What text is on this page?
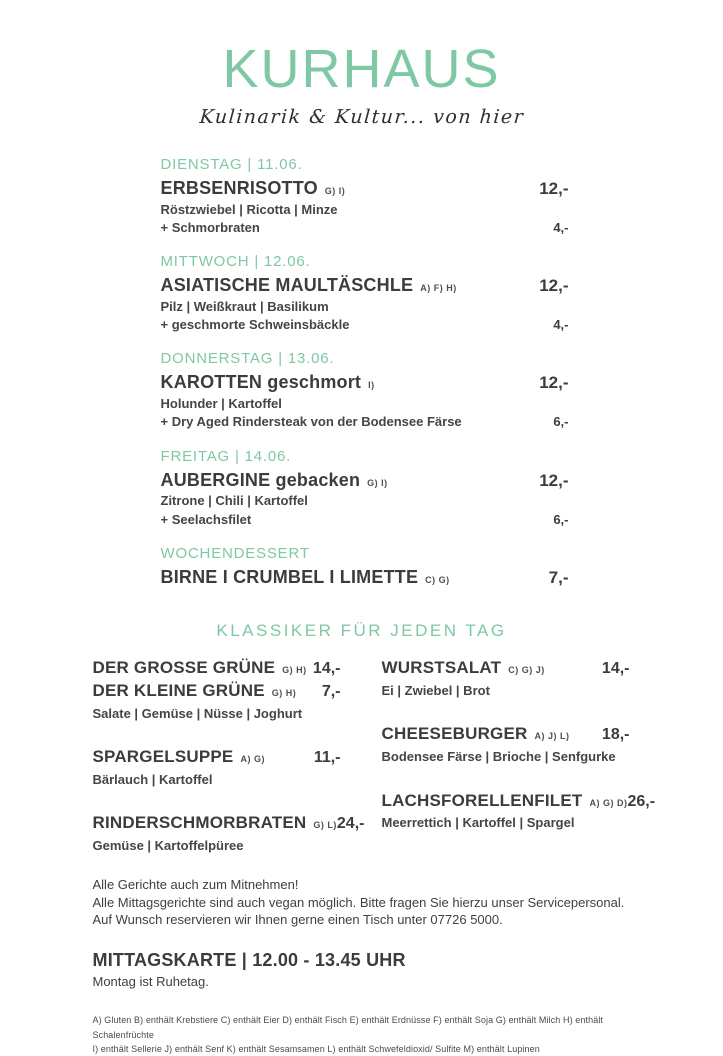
KURHAUS
Kulinarik & Kultur... von hier
DIENSTAG | 11.06.
ERBSENRISOTTO G) I)	12,-
Röstzwiebel | Ricotta | Minze
+ Schmorbraten	4,-
MITTWOCH | 12.06.
ASIATISCHE MAULTÄSCHLE A) F) H)	12,-
Pilz | Weißkraut | Basilikum
+ geschmorte Schweinsbäckle	4,-
DONNERSTAG | 13.06.
KAROTTEN geschmort I)	12,-
Holunder | Kartoffel
+ Dry Aged Rindersteak von der Bodensee Färse	6,-
FREITAG | 14.06.
AUBERGINE gebacken G) I)	12,-
Zitrone | Chili | Kartoffel
+ Seelachsfilet	6,-
WOCHENDESSERT
BIRNE I CRUMBEL I LIMETTE C) G)	7,-
KLASSIKER FÜR JEDEN TAG
DER GROSSE GRÜNE G) H) 14,-
DER KLEINE GRÜNE G) H) 7,-
Salate | Gemüse | Nüsse | Joghurt
SPARGELSUPPE A) G)	11,-
Bärlauch | Kartoffel
RINDERSCHMORBRATEN G) L) 24,-
Gemüse | Kartoffelpüree
WURSTSALAT C) G) J)	14,-
Ei | Zwiebel | Brot
CHEESEBURGER A) J) L) 18,-
Bodensee Färse | Brioche | Senfgurke
LACHSFORELLENFILET A) G) D) 26,-
Meerrettich | Kartoffel | Spargel
Alle Gerichte auch zum Mitnehmen!
Alle Mittagsgerichte sind auch vegan möglich. Bitte fragen Sie hierzu unser Servicepersonal.
Auf Wunsch reservieren wir Ihnen gerne einen Tisch unter 07726 5000.
MITTAGSKARTE | 12.00 - 13.45 UHR
Montag ist Ruhetag.
A) Gluten B) enthält Krebstiere C) enthält Eier D) enthält Fisch E) enthält Erdnüsse F) enthält Soja G) enthält Milch H) enthält Schalenfrüchte
I) enthält Sellerie J) enthält Senf K) enthält Sesamsamen L) enthält Schwefeldioxid/ Sulfite M) enthält Lupinen
